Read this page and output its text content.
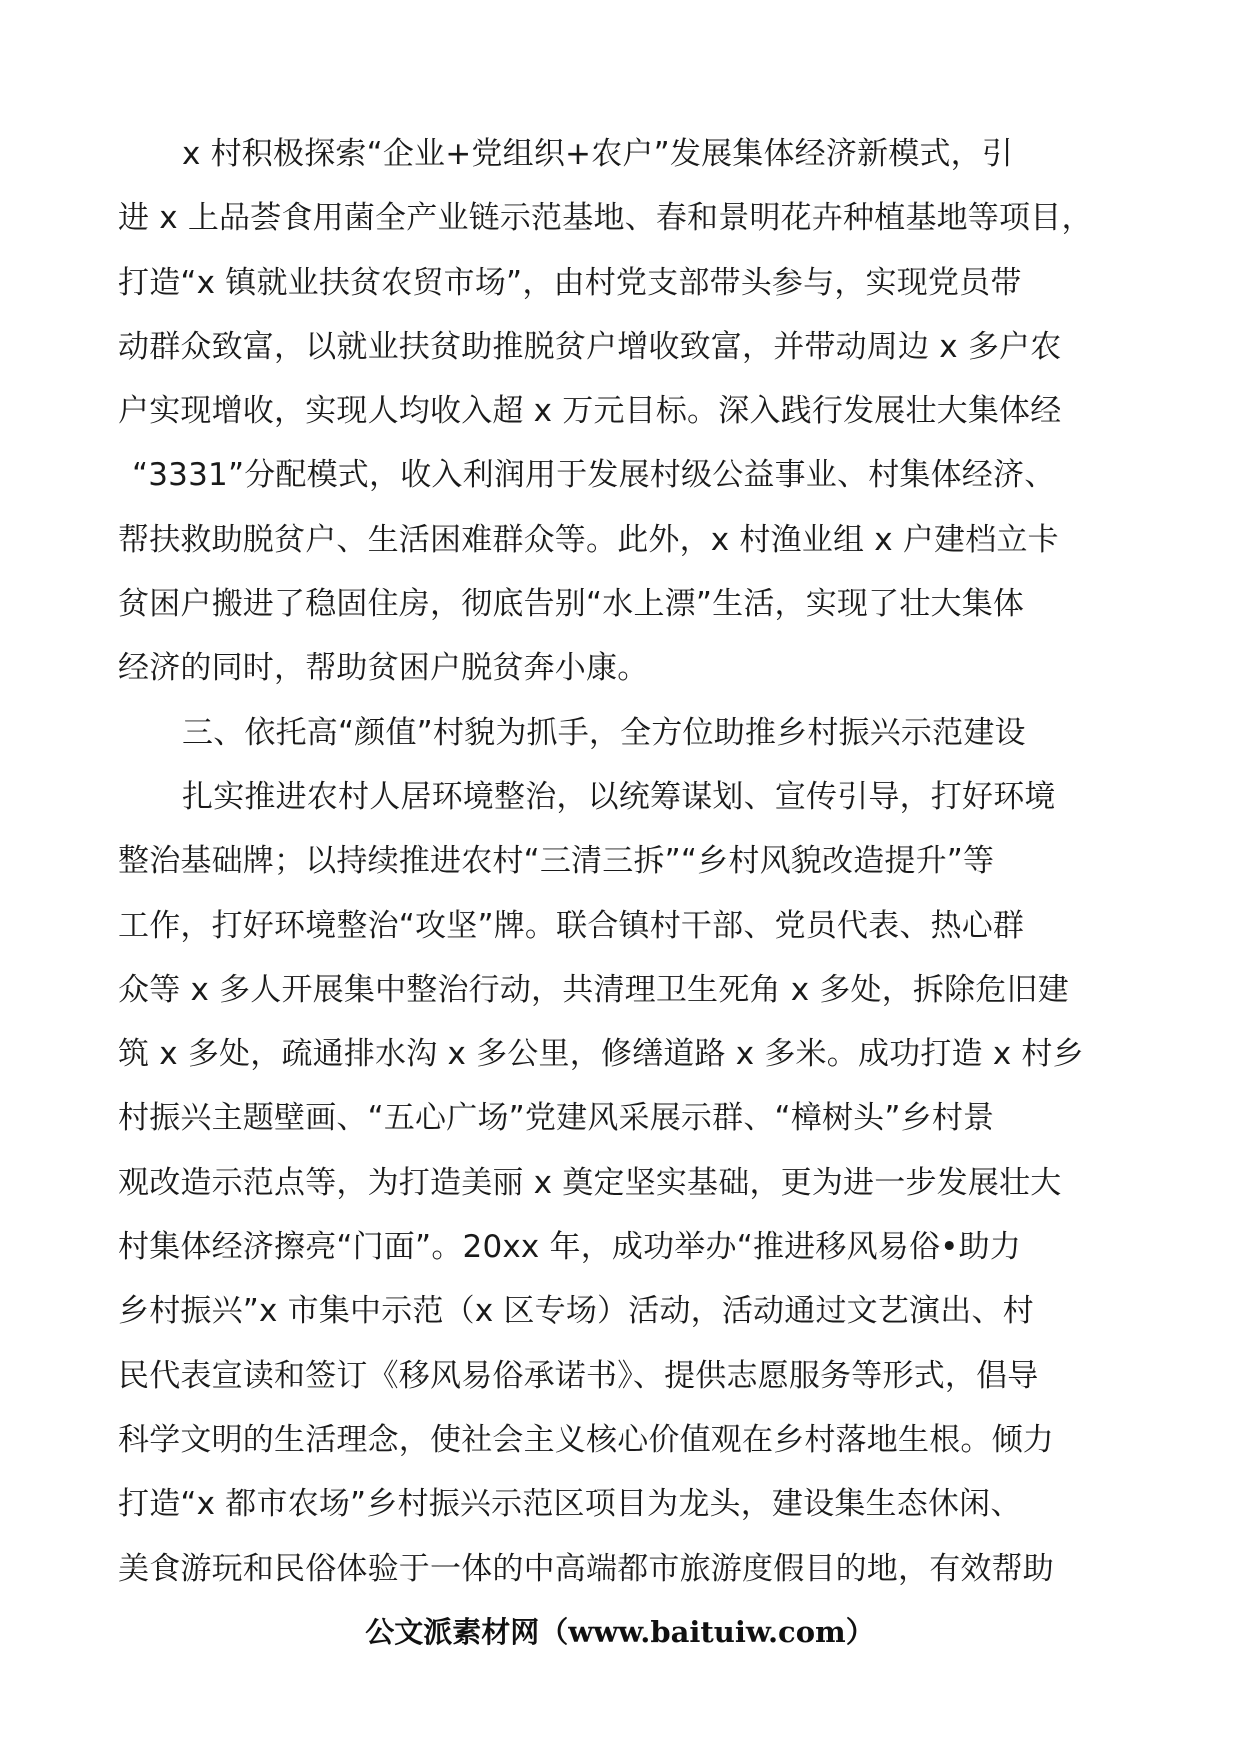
x 村积极探索“企业+党组织+农户”发展集体经济新模式，引
进 x 上品荟食用菌全产业链示范基地、春和景明花卉种植基地等项目，
打造“x 镇就业扶贫农贸市场”，由村党支部带头参与，实现党员带
动群众致富，以就业扶贫助推脱贫户增收致富，并带动周边 x 多户农
户实现增收，实现人均收入超 x 万元目标。深入践行发展壮大集体经
“3331”分配模式，收入利润用于发展村级公益事业、村集体经济、
帮扶救助脱贫户、生活困难群众等。此外，x 村渔业组 x 户建档立卡
贫困户搬进了稳固住房，彻底告别“水上漂”生活，实现了壮大集体
经济的同时，帮助贫困户脱贫奔小康。
三、依托高“颜值”村貌为抓手，全方位助推乡村振兴示范建设
扎实推进农村人居环境整治，以统筹谋划、宣传引导，打好环境
整治基础牌；以持续推进农村“三清三拆”“乡村风貌改造提升”等
工作，打好环境整治“攻坚”牌。联合镇村干部、党员代表、热心群
众等 x 多人开展集中整治行动，共清理卫生死角 x 多处，拆除危旧建
筑 x 多处，疏通排水沟 x 多公里，修缮道路 x 多米。成功打造 x 村乡
村振兴主题壁画、“五心广场”党建风采展示群、“樟树头”乡村景
观改造示范点等，为打造美丽 x 奠定坚实基础，更为进一步发展壮大
村集体经济擦亮“门面”。20xx 年，成功举办“推进移风易俗•助力
乡村振兴”x 市集中示范（x 区专场）活动，活动通过文艺演出、村
民代表宣读和签订《移风易俗承诺书》、提供志愿服务等形式，倡导
科学文明的生活理念，使社会主义核心价值观在乡村落地生根。倾力
打造“x 都市农场”乡村振兴示范区项目为龙头，建设集生态休闲、
美食游玩和民俗体验于一体的中高端都市旅游度假目的地，有效帮助
公文派素材网（www.baituiw.com）
